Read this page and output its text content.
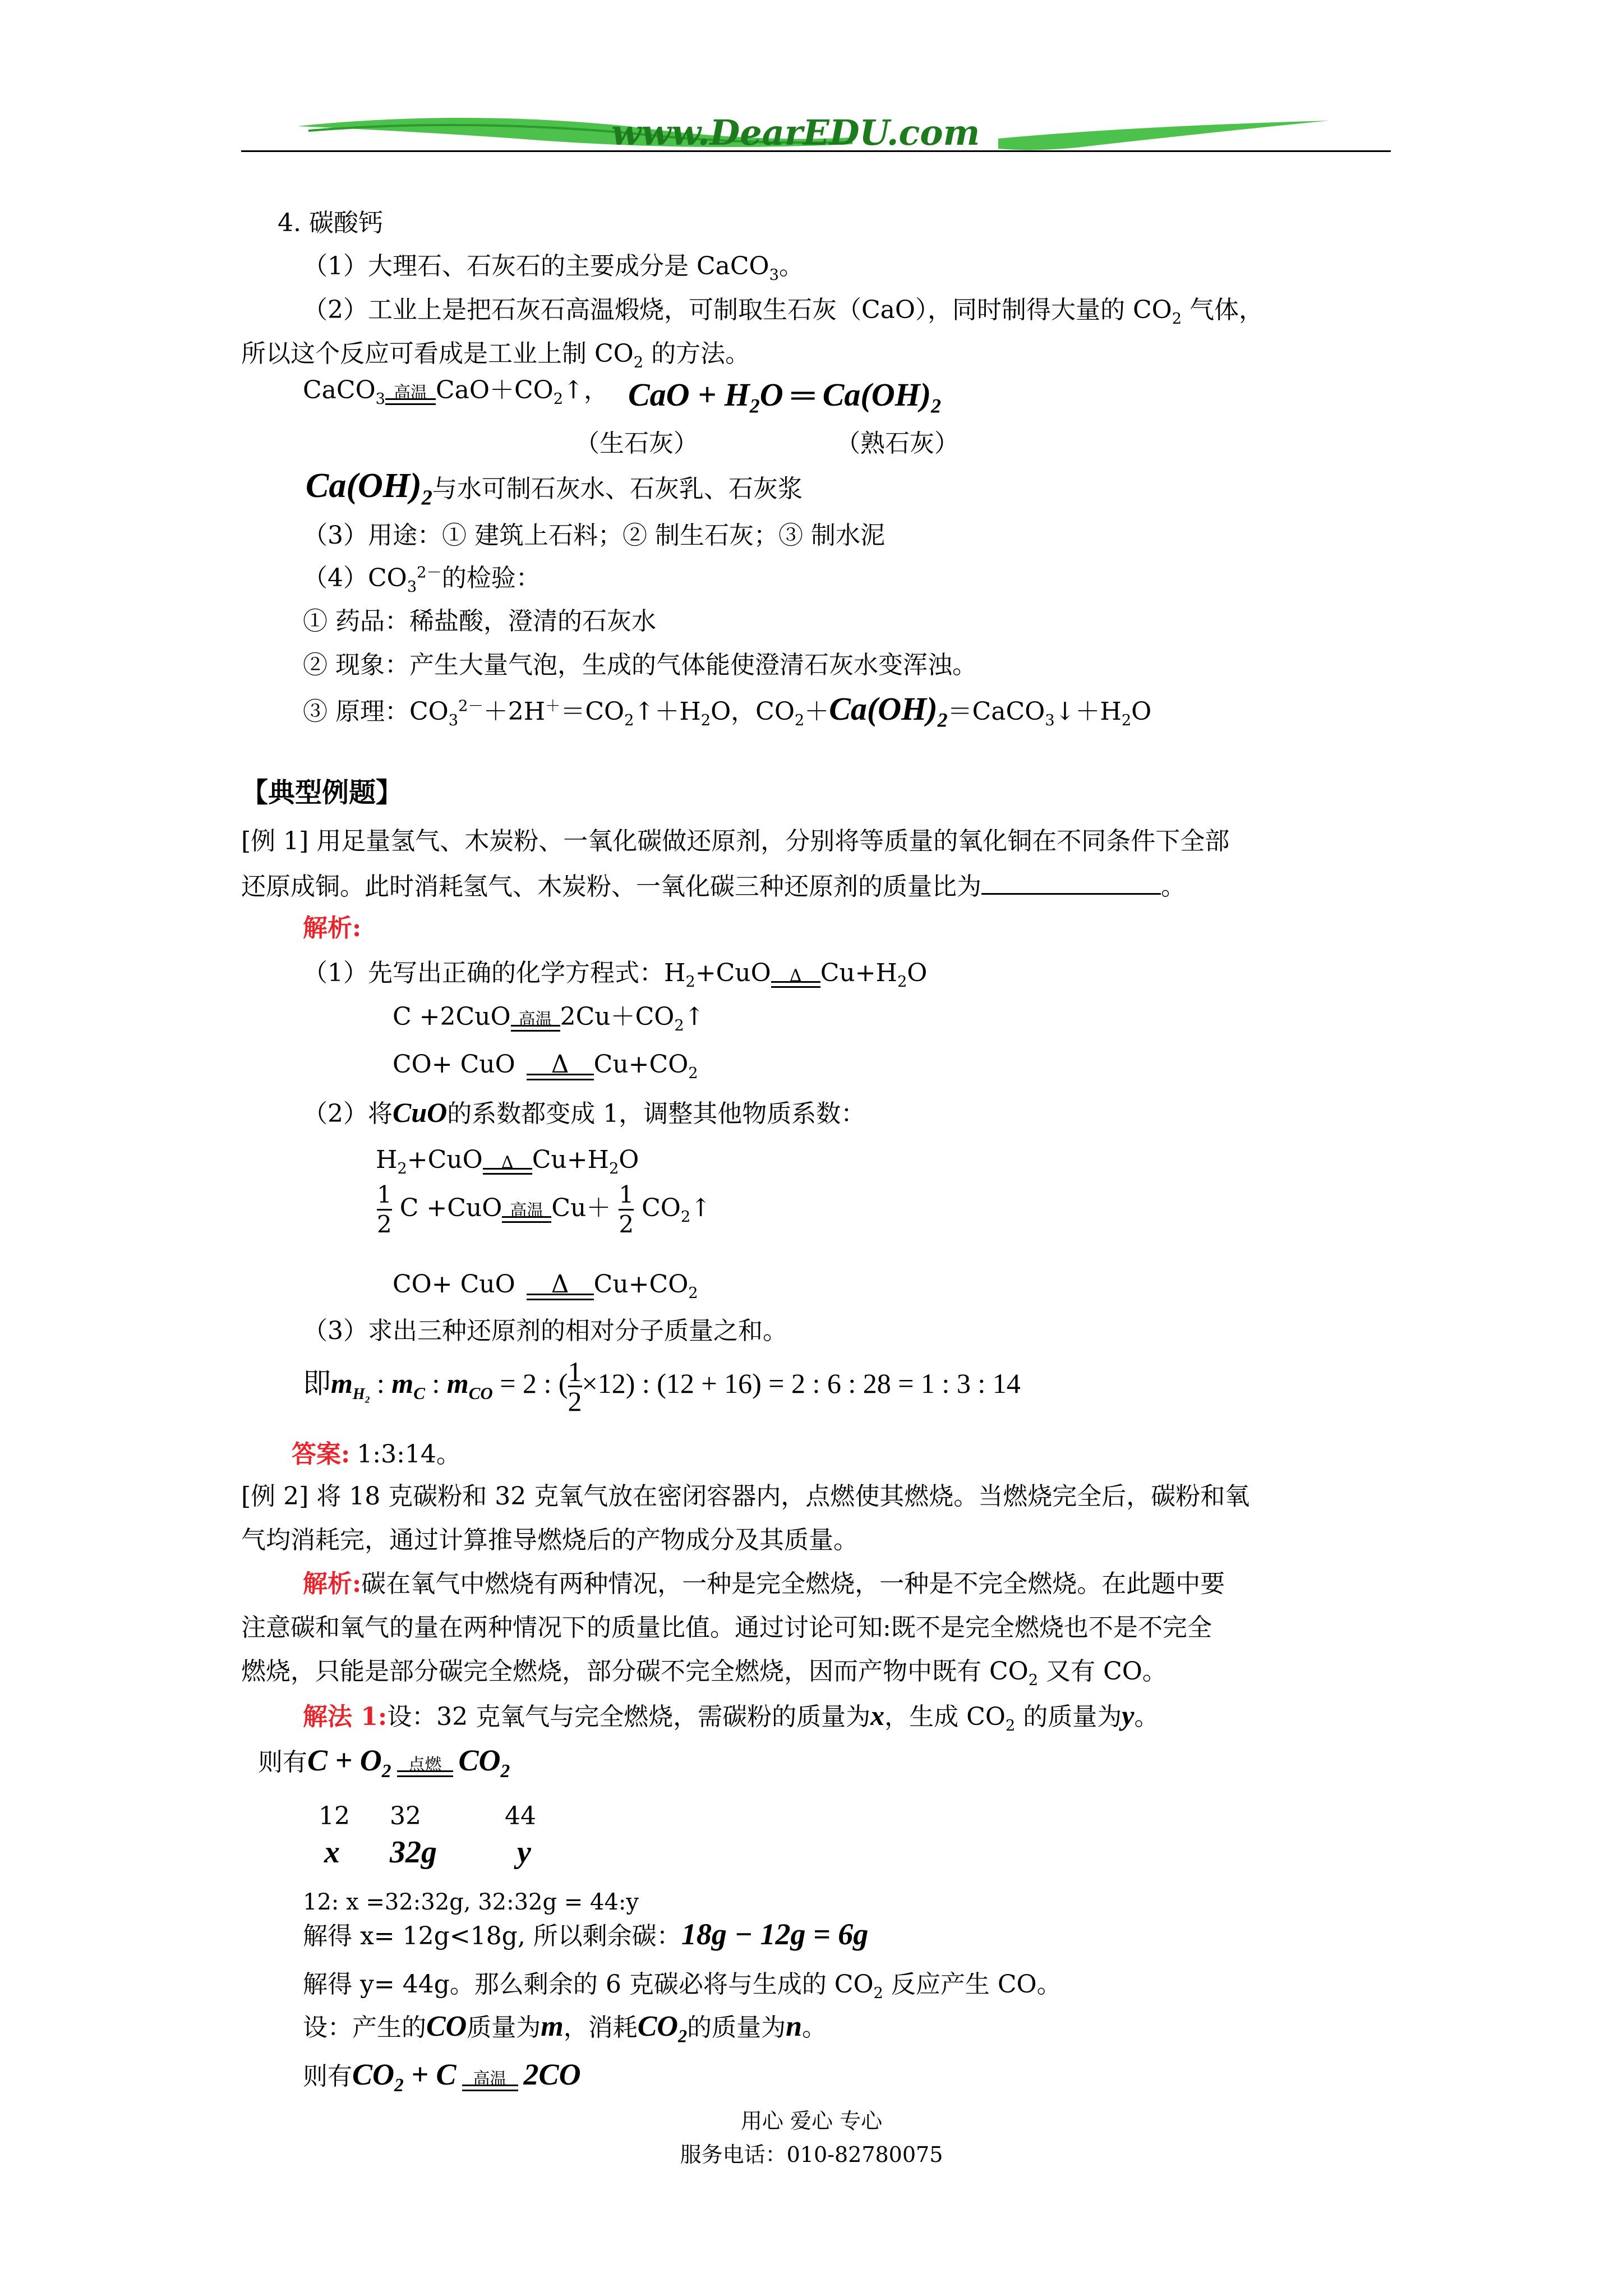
www.DearEDU.com
4. 碳酸钙
（1）大理石、石灰石的主要成分是 CaCO$_3$。
（2）工业上是把石灰石高温煅烧，可制取生石灰（CaO），同时制得大量的 $CO_2$ 气体，
所以这个反应可看成是工业上制 $CO_2$ 的方法。
CaCO$_3$ 高温 $CaO+CO_2↑$， CaO + $H_2O$ ═ $Ca(OH)_2$
（生石灰）	（熟石灰）
$Ca(OH)_2$与水可制石灰水、石灰乳、石灰浆
（3）用途：① 建筑上石料；② 制生石灰；③ 制水泥
$(4)CO_3^{2-}$的检验：
① 药品：稀盐酸，澄清的石灰水
② 现象：产生大量气泡，生成的气体能使澄清石灰水变浑浊。
③ 原理：$CO_3^{2-}+2H^+=CO_2↑+H_2O$，$CO_2+Ca(OH)_2=CaCO_3↓+H_2O$
【典型例题】
[例 1] 用足量氢气、木炭粉、一氧化碳做还原剂，分别将等质量的氧化铜在不同条件下全部
还原成铜。此时消耗氢气、木炭粉、一氧化碳三种还原剂的质量比为	。
解析:
（1）先写出正确的化学方程式：$H_2+CuO$	Δ $Cu+H_2O$
C +2CuO 高温 $2Cu+CO_2↑$
CO+ CuO	Δ	$Cu+CO_2$
（2）将CuO的系数都变成 1，调整其他物质系数：
$H_2+CuO$	Δ $Cu+H_2O$
$\frac{1}{2}$ C +CuO 高温 $Cu+ \frac{1}{2}$ $CO_2↑$
CO+ CuO	Δ	$Cu+CO_2$
（3）求出三种还原剂的相对分子质量之和。
即$m_{H_2}$ : $m_C$ : $m_{CO} = 2$ : ( $\frac{1}{2} \times 12$) : (12 + 16) = 2 : 6 : 28 = 1 : 3 : 14
答案: 1:3:14。
[例 2] 将 18 克碳粉和 32 克氧气放在密闭容器内，点燃使其燃烧。当燃烧完全后，碳粉和氧
气均消耗完，通过计算推导燃烧后的产物成分及其质量。
解析:碳在氧气中燃烧有两种情况，一种是完全燃烧，一种是不完全燃烧。在此题中要
注意碳和氧气的量在两种情况下的质量比值。通过讨论可知:既不是完全燃烧也不是不完全
燃烧，只能是部分碳完全燃烧，部分碳不完全燃烧，因而产物中既有 $CO_2$ 又有 CO。
解法 1:设：32 克氧气与完全燃烧，需碳粉的质量为x，生成 $CO_2$ 的质量为y。
则有$C + O_2$	点燃 $CO_2$
12 32	44
x 32g	y
12: x =32:32g, 32:32g = 44:y
解得 x= 12g<18g, 所以剩余碳：18g − 12g = 6g
解得 y= 44g。那么剩余的 6 克碳必将与生成的 $CO_2$ 反应产生 CO。
设：产生的CO质量为m，消耗$CO_2$的质量为n。
则有$CO_2 + C$	高温 2CO
用心 爱心 专心
服务电话：010-82780075
